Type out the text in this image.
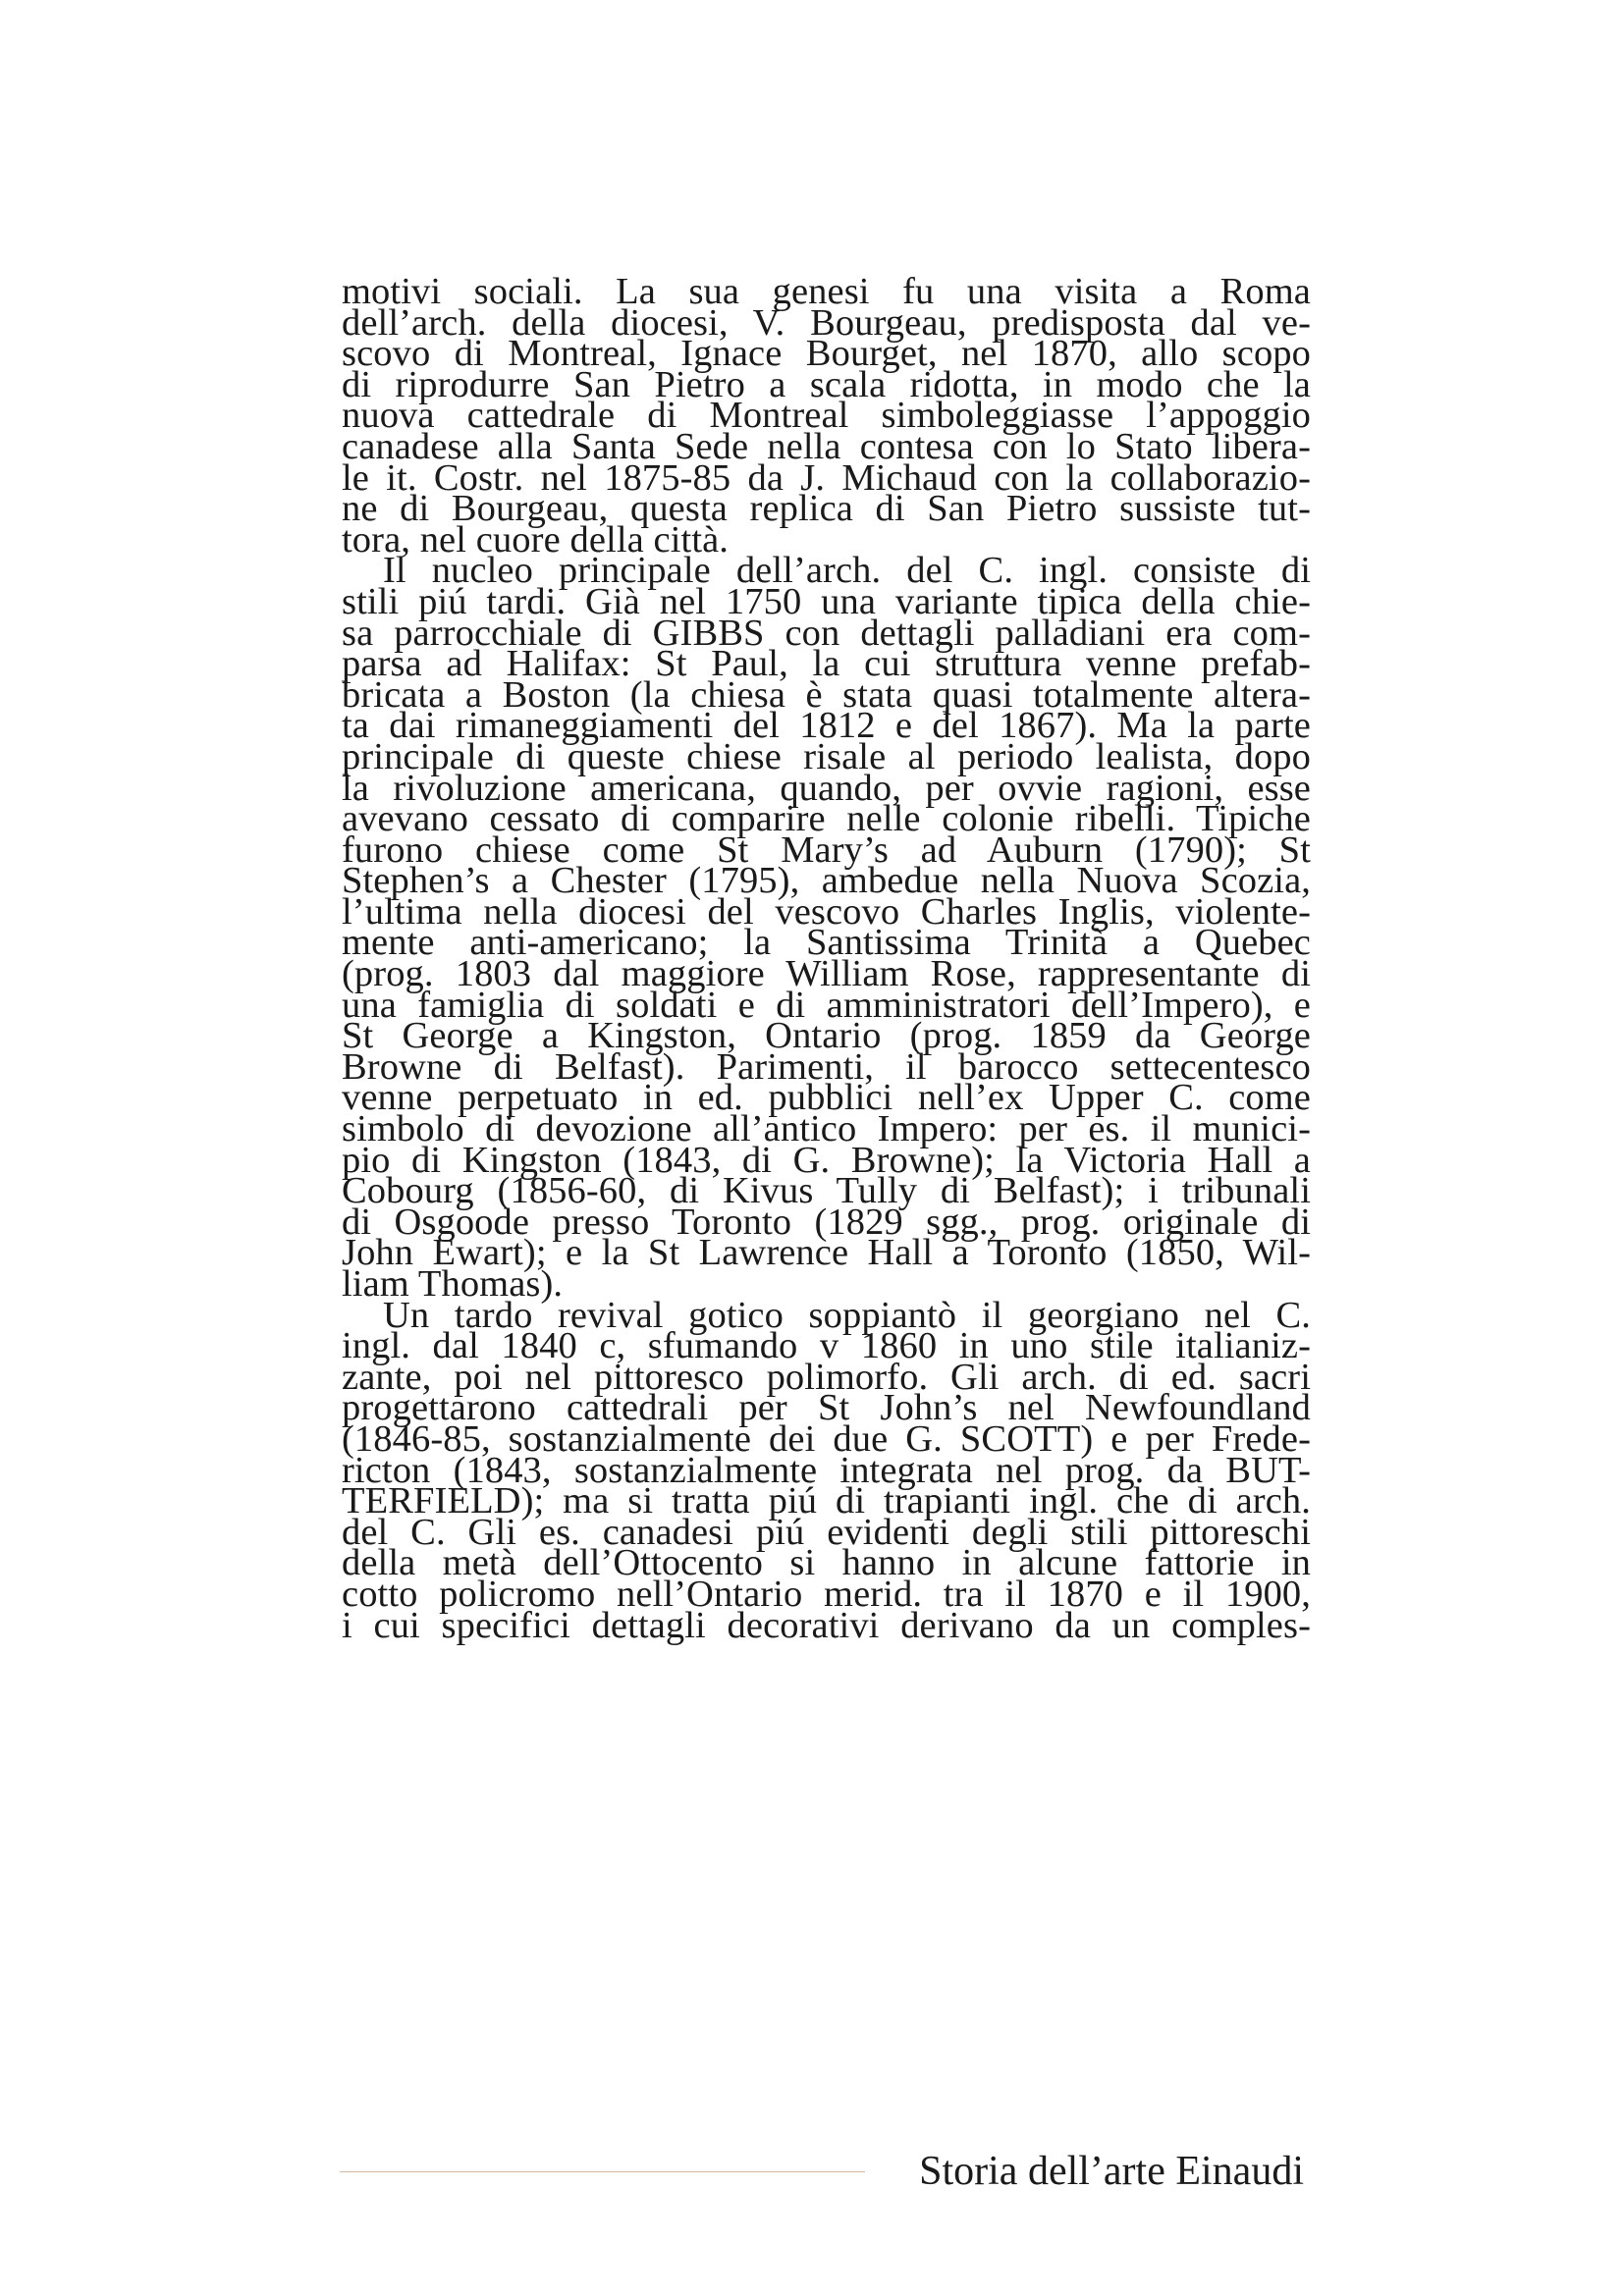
motivi sociali. La sua genesi fu una visita a Roma
dell’arch. della diocesi, V. Bourgeau, predisposta dal ve-
scovo di Montreal, Ignace Bourget, nel 1870, allo scopo
di riprodurre San Pietro a scala ridotta, in modo che la
nuova cattedrale di Montreal simboleggiasse l’appoggio
canadese alla Santa Sede nella contesa con lo Stato libera-
le it. Costr. nel 1875-85 da J. Michaud con la collaborazio-
ne di Bourgeau, questa replica di San Pietro sussiste tut-
tora, nel cuore della città.
Il nucleo principale dell’arch. del C. ingl. consiste di
stili piú tardi. Già nel 1750 una variante tipica della chie-
sa parrocchiale di GIBBS con dettagli palladiani era com-
parsa ad Halifax: St Paul, la cui struttura venne prefab-
bricata a Boston (la chiesa è stata quasi totalmente altera-
ta dai rimaneggiamenti del 1812 e del 1867). Ma la parte
principale di queste chiese risale al periodo lealista, dopo
la rivoluzione americana, quando, per ovvie ragioni, esse
avevano cessato di comparire nelle colonie ribelli. Tipiche
furono chiese come St Mary’s ad Auburn (1790); St
Stephen’s a Chester (1795), ambedue nella Nuova Scozia,
l’ultima nella diocesi del vescovo Charles Inglis, violente-
mente anti-americano; la Santissima Trinità a Quebec
(prog. 1803 dal maggiore William Rose, rappresentante di
una famiglia di soldati e di amministratori dell’Impero), e
St George a Kingston, Ontario (prog. 1859 da George
Browne di Belfast). Parimenti, il barocco settecentesco
venne perpetuato in ed. pubblici nell’ex Upper C. come
simbolo di devozione all’antico Impero: per es. il munici-
pio di Kingston (1843, di G. Browne); la Victoria Hall a
Cobourg (1856-60, di Kivus Tully di Belfast); i tribunali
di Osgoode presso Toronto (1829 sgg., prog. originale di
John Ewart); e la St Lawrence Hall a Toronto (1850, Wil-
liam Thomas).
Un tardo revival gotico soppiantò il georgiano nel C.
ingl. dal 1840 c, sfumando v 1860 in uno stile italianiz-
zante, poi nel pittoresco polimorfo. Gli arch. di ed. sacri
progettarono cattedrali per St John’s nel Newfoundland
(1846-85, sostanzialmente dei due G. SCOTT) e per Frede-
ricton (1843, sostanzialmente integrata nel prog. da BUT-
TERFIELD); ma si tratta piú di trapianti ingl. che di arch.
del C. Gli es. canadesi piú evidenti degli stili pittoreschi
della metà dell’Ottocento si hanno in alcune fattorie in
cotto policromo nell’Ontario merid. tra il 1870 e il 1900,
i cui specifici dettagli decorativi derivano da un comples-
Storia dell’arte Einaudi
